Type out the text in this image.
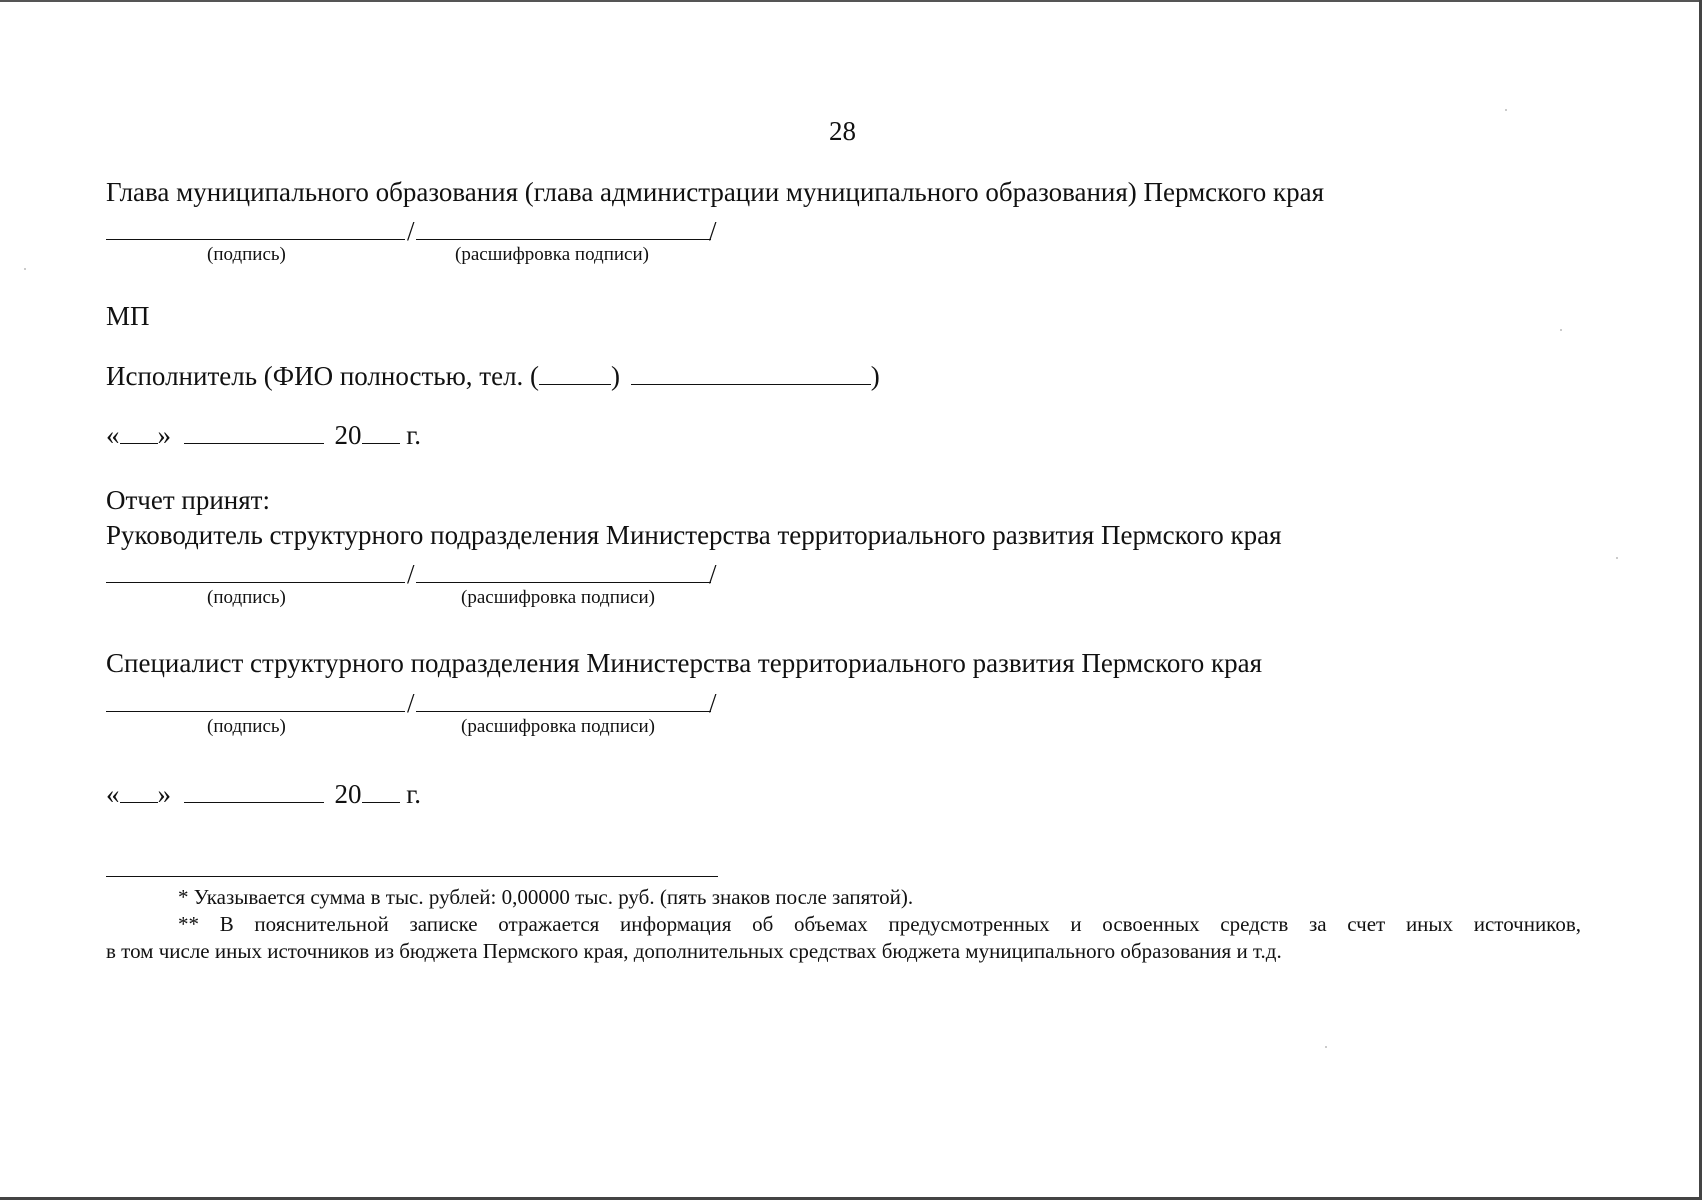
28
Глава муниципального образования (глава администрации муниципального образования) Пермского края
/	/
(подпись)	(расшифровка подписи)
МП
Исполнитель (ФИО полностью, тел. (	)	)
« »	20 г.
Отчет принят:
Руководитель структурного подразделения Министерства территориального развития Пермского края
/	/
(подпись)	(расшифровка подписи)
Специалист структурного подразделения Министерства территориального развития Пермского края
/	/
(подпись)	(расшифровка подписи)
« »	20 г.
* Указывается сумма в тыс. рублей: 0,00000 тыс. руб. (пять знаков после запятой).
** В пояснительной записке отражается информация об объемах предусмотренных и освоенных средств за счет иных источников,
в том числе иных источников из бюджета Пермского края, дополнительных средствах бюджета муниципального образования и т.д.
